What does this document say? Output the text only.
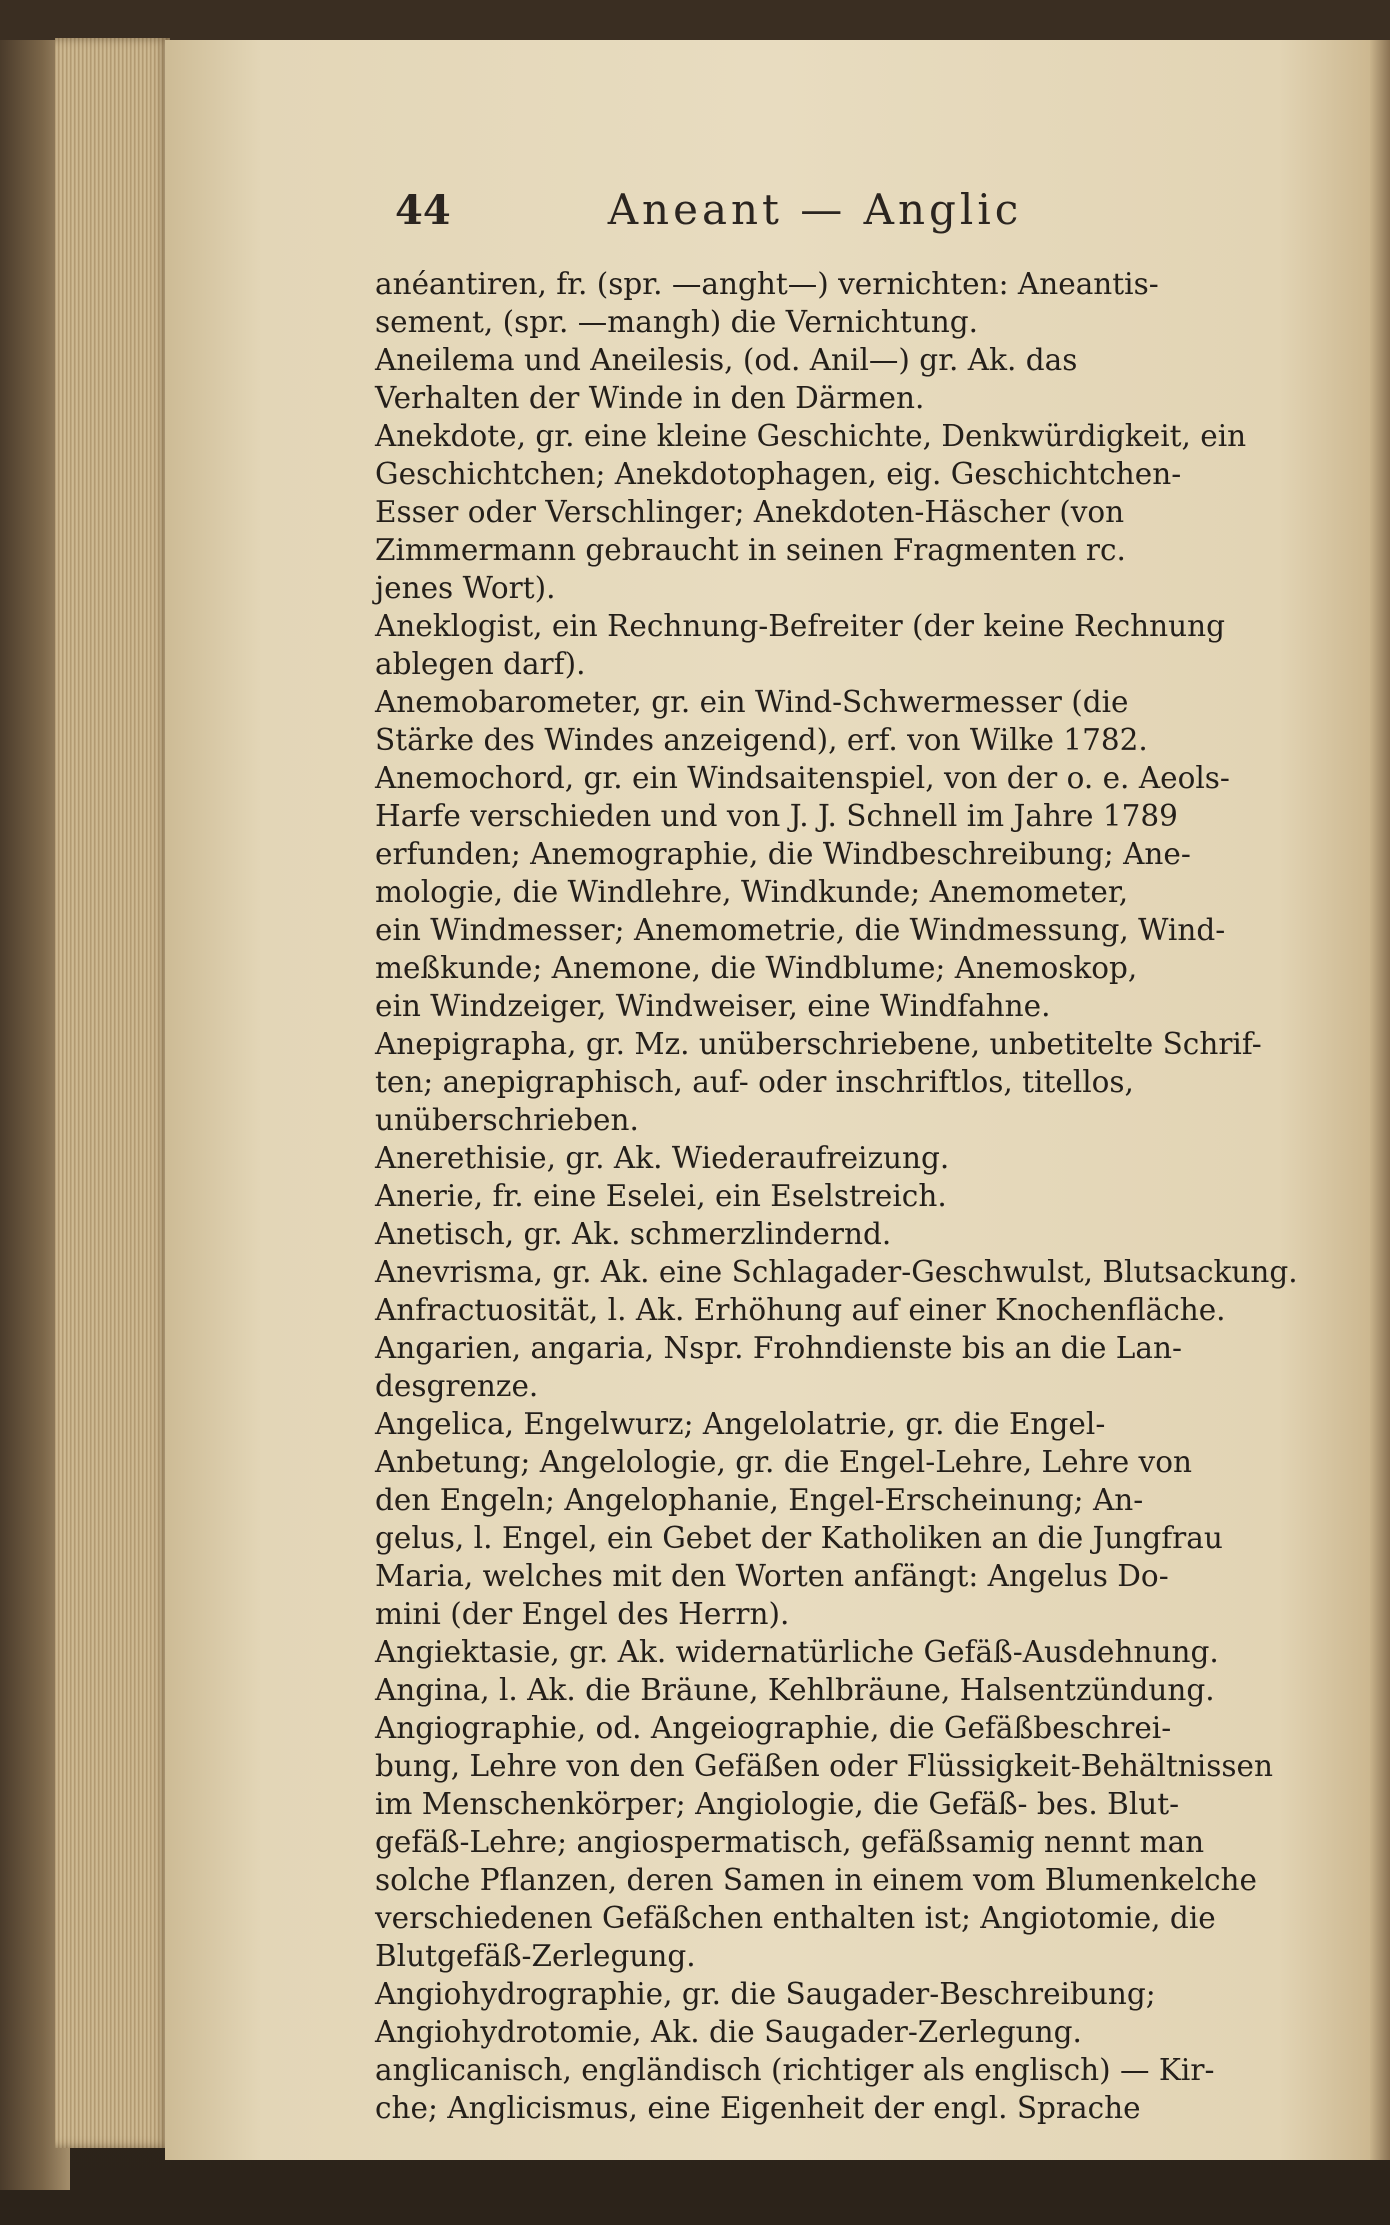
44	Aneant — Anglic

anéantiren, fr. (spr. —anght—) vernichten: Aneantis-
sement, (spr. —mangh) die Vernichtung.

Aneilema und Aneilesis, (od. Anil—) gr. Ak. das
Verhalten der Winde in den Därmen.

Anekdote, gr. eine kleine Geschichte, Denkwürdigkeit, ein
Geschichtchen; Anekdotophagen, eig. Geschichtchen-
Esser oder Verschlinger; Anekdoten-Häscher (von
Zimmermann gebraucht in seinen Fragmenten rc.
jenes Wort).

Aneklogist, ein Rechnung-Befreiter (der keine Rechnung
ablegen darf).

Anemobarometer, gr. ein Wind-Schwermesser (die
Stärke des Windes anzeigend), erf. von Wilke 1782.

Anemochord, gr. ein Windsaitenspiel, von der o. e. Aeols-
Harfe verschieden und von J. J. Schnell im Jahre 1789
erfunden; Anemographie, die Windbeschreibung; Ane-
mologie, die Windlehre, Windkunde; Anemometer,
ein Windmesser; Anemometrie, die Windmessung, Wind-
meßkunde; Anemone, die Windblume; Anemoskop,
ein Windzeiger, Windweiser, eine Windfahne.

Anepigrapha, gr. Mz. unüberschriebene, unbetitelte Schrif-
ten; anepigraphisch, auf- oder inschriftlos, titellos,
unüberschrieben.

Anerethisie, gr. Ak. Wiederaufreizung.

Anerie, fr. eine Eselei, ein Eselstreich.

Anetisch, gr. Ak. schmerzlindernd.

Anevrisma, gr. Ak. eine Schlagader-Geschwulst, Blutsackung.

Anfractuosität, l. Ak. Erhöhung auf einer Knochenfläche.

Angarien, angaria, Nspr. Frohndienste bis an die Lan-
desgrenze.

Angelica, Engelwurz; Angelolatrie, gr. die Engel-
Anbetung; Angelologie, gr. die Engel-Lehre, Lehre von
den Engeln; Angelophanie, Engel-Erscheinung; An-
gelus, l. Engel, ein Gebet der Katholiken an die Jungfrau
Maria, welches mit den Worten anfängt: Angelus Do-
mini (der Engel des Herrn).

Angiektasie, gr. Ak. widernatürliche Gefäß-Ausdehnung.

Angina, l. Ak. die Bräune, Kehlbräune, Halsentzündung.

Angiographie, od. Angeiographie, die Gefäßbeschrei-
bung, Lehre von den Gefäßen oder Flüssigkeit-Behältnissen
im Menschenkörper; Angiologie, die Gefäß- bes. Blut-
gefäß-Lehre; angiospermatisch, gefäßsamig nennt man
solche Pflanzen, deren Samen in einem vom Blumenkelche
verschiedenen Gefäßchen enthalten ist; Angiotomie, die
Blutgefäß-Zerlegung.

Angiohydrographie, gr. die Saugader-Beschreibung;
Angiohydrotomie, Ak. die Saugader-Zerlegung.

anglicanisch, engländisch (richtiger als englisch) — Kir-
che; Anglicismus, eine Eigenheit der engl. Sprache
